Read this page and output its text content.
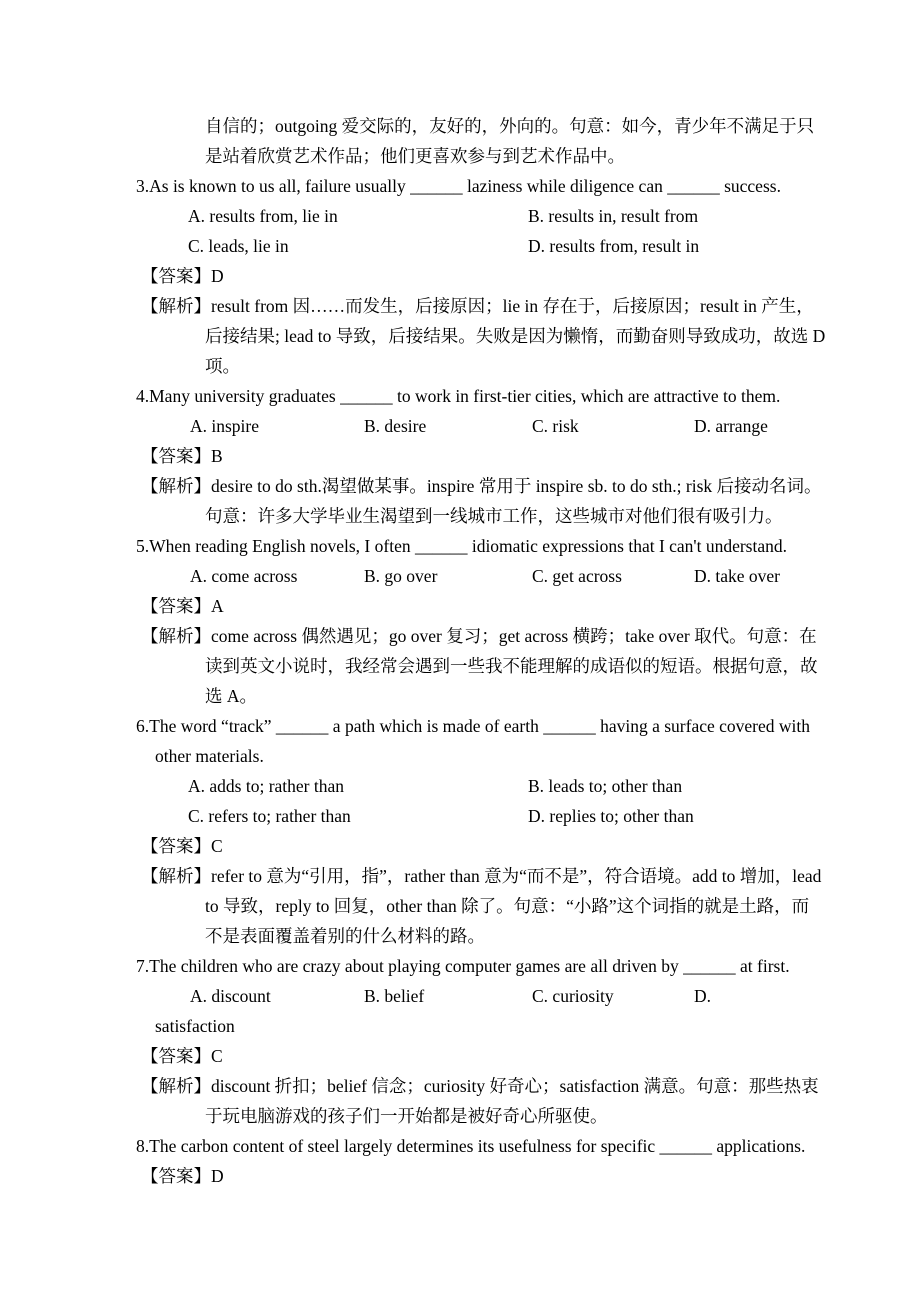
自信的；outgoing 爱交际的，友好的，外向的。句意：如今，青少年不满足于只
是站着欣赏艺术作品；他们更喜欢参与到艺术作品中。
3.As is known to us all, failure usually ______ laziness while diligence can ______ success.

A. results from, lie in

	B. results in, result from

C. leads, lie in

	D. results from, result in

【答案】D
【解析】result from 因……而发生，后接原因；lie in 存在于，后接原因；result in 产生，
后接结果; lead to 导致，后接结果。失败是因为懒惰，而勤奋则导致成功，故选 D
项。
4.Many university graduates ______ to work in first-tier cities, which are attractive to them.

A. inspire

	B. desire

	C. risk

	D. arrange

【答案】B
【解析】desire to do sth.渴望做某事。inspire 常用于 inspire sb. to do sth.; risk 后接动名词。
句意：许多大学毕业生渴望到一线城市工作，这些城市对他们很有吸引力。
5.When reading English novels, I often ______ idiomatic expressions that I can't understand.

A. come across

	B. go over

	C. get across

	D. take over

【答案】A
【解析】come across 偶然遇见；go over 复习；get across 横跨；take over 取代。句意：在
读到英文小说时，我经常会遇到一些我不能理解的成语似的短语。根据句意，故
选 A。
6.The word “track” ______ a path which is made of earth ______ having a surface covered with
other materials.

A. adds to; rather than

	B. leads to; other than

C. refers to; rather than

	D. replies to; other than

【答案】C
【解析】refer to 意为“引用，指”，rather than 意为“而不是”，符合语境。add to 增加，lead
to 导致，reply to 回复，other than 除了。句意：“小路”这个词指的就是土路，而
不是表面覆盖着别的什么材料的路。
7.The children who are crazy about playing computer games are all driven by ______ at first.

A. discount

	B. belief

	C. curiosity

	D.

satisfaction
【答案】C
【解析】discount 折扣；belief 信念；curiosity 好奇心；satisfaction 满意。句意：那些热衷
于玩电脑游戏的孩子们一开始都是被好奇心所驱使。
8.The carbon content of steel largely determines its usefulness for specific ______ applications.
【答案】D
